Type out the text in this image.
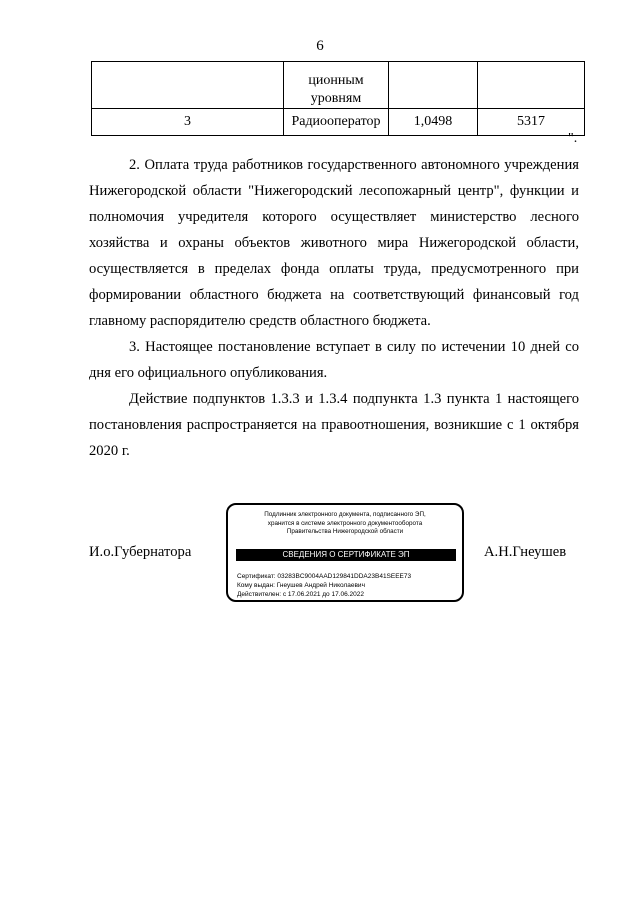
6
	ционным уровням		
3	Радиооператор	1,0498	5317
".

2. Оплата труда работников государственного автономного учреждения Нижегородской области "Нижегородский лесопожарный центр", функции и полномочия учредителя которого осуществляет министерство лесного хозяйства и охраны объектов животного мира Нижегородской области, осуществляется в пределах фонда оплаты труда, предусмотренного при формировании областного бюджета на соответствующий финансовый год главному распорядителю средств областного бюджета.

3. Настоящее постановление вступает в силу по истечении 10 дней со дня его официального опубликования.

Действие подпунктов 1.3.3 и 1.3.4 подпункта 1.3 пункта 1 настоящего постановления распространяется на правоотношения, возникшие с 1 октября 2020 г.

И.о.Губернатора
Подлинник электронного документа, подписанного ЭП,
хранится в системе электронного документооборота
Правительства Нижегородской области
СВЕДЕНИЯ О СЕРТИФИКАТЕ ЭП
Сертификат: 03283BC9004AAD129841DDA23B41SEEE73
Кому выдан: Гнеушев Андрей Николаевич
Действителен: с 17.06.2021 до 17.06.2022
А.Н.Гнеушев
